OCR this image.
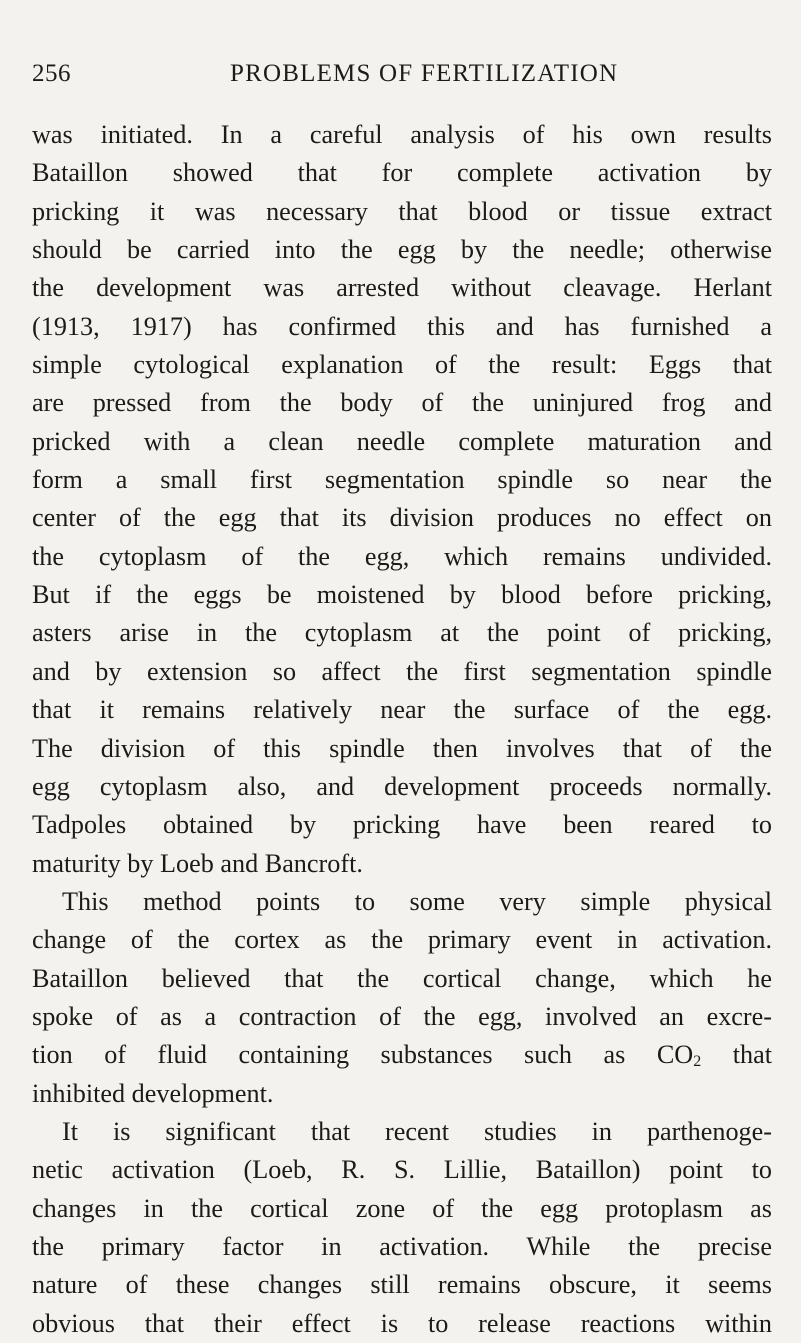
256	PROBLEMS OF FERTILIZATION
was initiated. In a careful analysis of his own results
Bataillon showed that for complete activation by
pricking it was necessary that blood or tissue extract
should be carried into the egg by the needle; otherwise
the development was arrested without cleavage. Herlant
(1913, 1917) has confirmed this and has furnished a
simple cytological explanation of the result: Eggs that
are pressed from the body of the uninjured frog and
pricked with a clean needle complete maturation and
form a small first segmentation spindle so near the
center of the egg that its division produces no effect on
the cytoplasm of the egg, which remains undivided.
But if the eggs be moistened by blood before pricking,
asters arise in the cytoplasm at the point of pricking,
and by extension so affect the first segmentation spindle
that it remains relatively near the surface of the egg.
The division of this spindle then involves that of the
egg cytoplasm also, and development proceeds normally.
Tadpoles obtained by pricking have been reared to
maturity by Loeb and Bancroft.
This method points to some very simple physical
change of the cortex as the primary event in activation.
Bataillon believed that the cortical change, which he
spoke of as a contraction of the egg, involved an excre-
tion of fluid containing substances such as $CO_2$ that
inhibited development.
It is significant that recent studies in parthenoge-
netic activation (Loeb, R. S. Lillie, Bataillon) point to
changes in the cortical zone of the egg protoplasm as
the primary factor in activation. While the precise
nature of these changes still remains obscure, it seems
obvious that their effect is to release reactions within
